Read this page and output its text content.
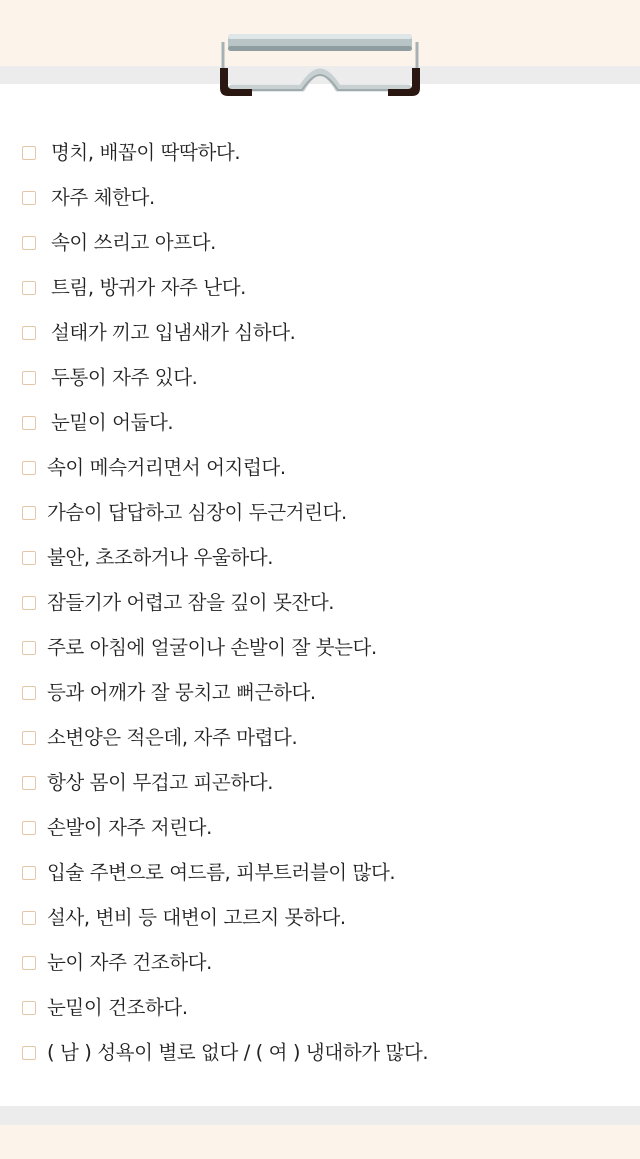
명치, 배꼽이 딱딱하다.
자주 체한다.
속이 쓰리고 아프다.
트림, 방귀가 자주 난다.
설태가 끼고 입냄새가 심하다.
두통이 자주 있다.
눈밑이 어둡다.
속이 메슥거리면서 어지럽다.
가슴이 답답하고 심장이 두근거린다.
불안, 초조하거나 우울하다.
잠들기가 어렵고 잠을 깊이 못잔다.
주로 아침에 얼굴이나 손발이 잘 붓는다.
등과 어깨가 잘 뭉치고 뻐근하다.
소변양은 적은데, 자주 마렵다.
항상 몸이 무겁고 피곤하다.
손발이 자주 저린다.
입술 주변으로 여드름, 피부트러블이 많다.
설사, 변비 등 대변이 고르지 못하다.
눈이 자주 건조하다.
눈밑이 건조하다.
( 남 ) 성욕이 별로 없다 / ( 여 ) 냉대하가 많다.
